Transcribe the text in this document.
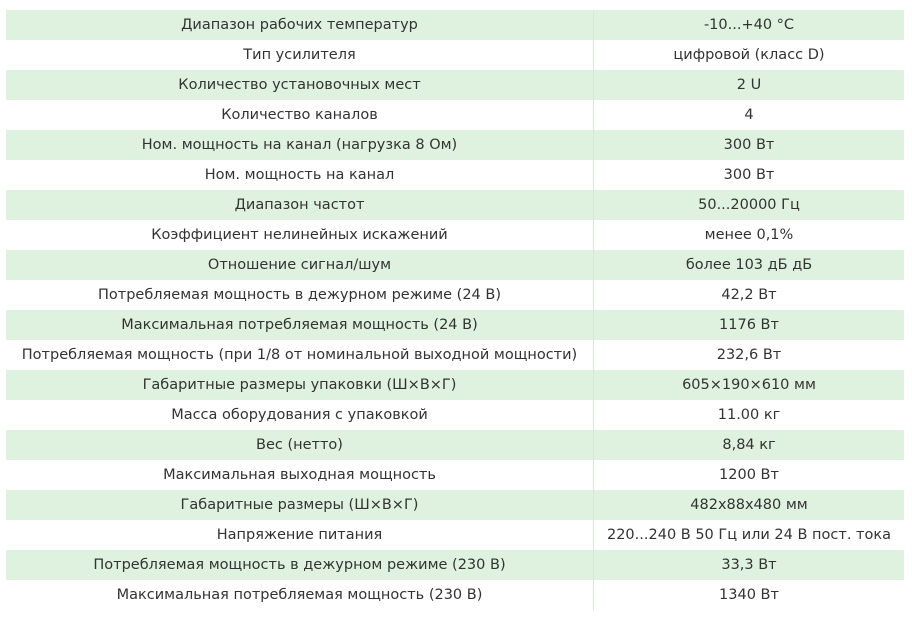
Диапазон рабочих температур	-10...+40 °C
Тип усилителя	цифровой (класс D)
Количество установочных мест	2 U
Количество каналов	4
Ном. мощность на канал (нагрузка 8 Ом)	300 Вт
Ном. мощность на канал	300 Вт
Диапазон частот	50...20000 Гц
Коэффициент нелинейных искажений	менее 0,1%
Отношение сигнал/шум	более 103 дБ дБ
Потребляемая мощность в дежурном режиме (24 В)	42,2 Вт
Максимальная потребляемая мощность (24 В)	1176 Вт
Потребляемая мощность (при 1/8 от номинальной выходной мощности)	232,6 Вт
Габаритные размеры упаковки (Ш×В×Г)	605×190×610 мм
Масса оборудования с упаковкой	11.00 кг
Вес (нетто)	8,84 кг
Максимальная выходная мощность	1200 Вт
Габаритные размеры (Ш×В×Г)	482x88x480 мм
Напряжение питания	220...240 В 50 Гц или 24 В пост. тока
Потребляемая мощность в дежурном режиме (230 В)	33,3 Вт
Максимальная потребляемая мощность (230 В)	1340 Вт
